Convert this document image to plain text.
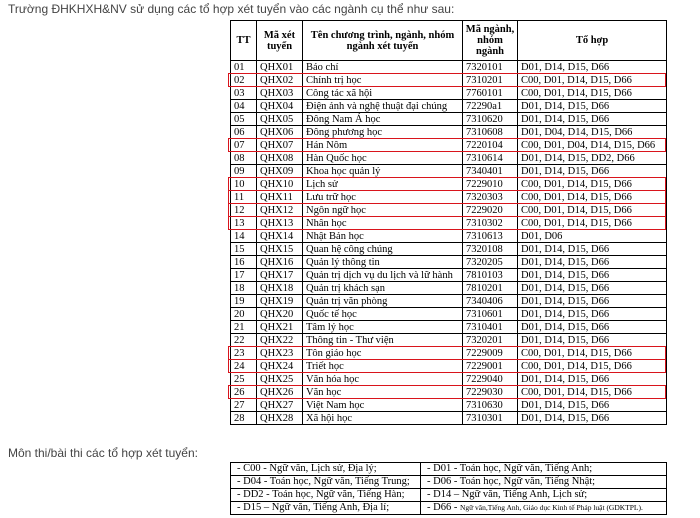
Trường ĐHKHXH&NV sử dụng các tổ hợp xét tuyển vào các ngành cụ thể như sau:
TT	Mã xét tuyển	Tên chương trình, ngành, nhóm ngành xét tuyển	Mã ngành, nhóm ngành	Tổ hợp
01	QHX01	Báo chí	7320101	D01, D14, D15, D66
02	QHX02	Chính trị học	7310201	C00, D01, D14, D15, D66
03	QHX03	Công tác xã hội	7760101	C00, D01, D14, D15, D66
04	QHX04	Điện ảnh và nghệ thuật đại chúng	72290a1	D01, D14, D15, D66
05	QHX05	Đông Nam Á học	7310620	D01, D14, D15, D66
06	QHX06	Đông phương học	7310608	D01, D04, D14, D15, D66
07	QHX07	Hán Nôm	7220104	C00, D01, D04, D14, D15, D66
08	QHX08	Hàn Quốc học	7310614	D01, D14, D15, DD2, D66
09	QHX09	Khoa học quản lý	7340401	D01, D14, D15, D66
10	QHX10	Lịch sử	7229010	C00, D01, D14, D15, D66
11	QHX11	Lưu trữ học	7320303	C00, D01, D14, D15, D66
12	QHX12	Ngôn ngữ học	7229020	C00, D01, D14, D15, D66
13	QHX13	Nhân học	7310302	C00, D01, D14, D15, D66
14	QHX14	Nhật Bản học	7310613	D01, D06
15	QHX15	Quan hệ công chúng	7320108	D01, D14, D15, D66
16	QHX16	Quản lý thông tin	7320205	D01, D14, D15, D66
17	QHX17	Quản trị dịch vụ du lịch và lữ hành	7810103	D01, D14, D15, D66
18	QHX18	Quản trị khách sạn	7810201	D01, D14, D15, D66
19	QHX19	Quản trị văn phòng	7340406	D01, D14, D15, D66
20	QHX20	Quốc tế học	7310601	D01, D14, D15, D66
21	QHX21	Tâm lý học	7310401	D01, D14, D15, D66
22	QHX22	Thông tin - Thư viện	7320201	D01, D14, D15, D66
23	QHX23	Tôn giáo học	7229009	C00, D01, D14, D15, D66
24	QHX24	Triết học	7229001	C00, D01, D14, D15, D66
25	QHX25	Văn hóa học	7229040	D01, D14, D15, D66
26	QHX26	Văn học	7229030	C00, D01, D14, D15, D66
27	QHX27	Việt Nam học	7310630	D01, D14, D15, D66
28	QHX28	Xã hội học	7310301	D01, D14, D15, D66
Môn thi/bài thi các tổ hợp xét tuyển:
- C00 - Ngữ văn, Lịch sử, Địa lý;	- D01 - Toán học, Ngữ văn, Tiếng Anh;

- D04 - Toán học, Ngữ văn, Tiếng Trung;	- D06 - Toán học, Ngữ văn, Tiếng Nhật;

- DD2 - Toán học, Ngữ văn, Tiếng Hàn;	- D14 – Ngữ văn, Tiếng Anh, Lịch sử;

- D15 – Ngữ văn, Tiếng Anh, Địa lí;	- D66 - Ngữ văn,Tiếng Anh, Giáo dục Kinh tế Pháp luật (GDKTPL).
